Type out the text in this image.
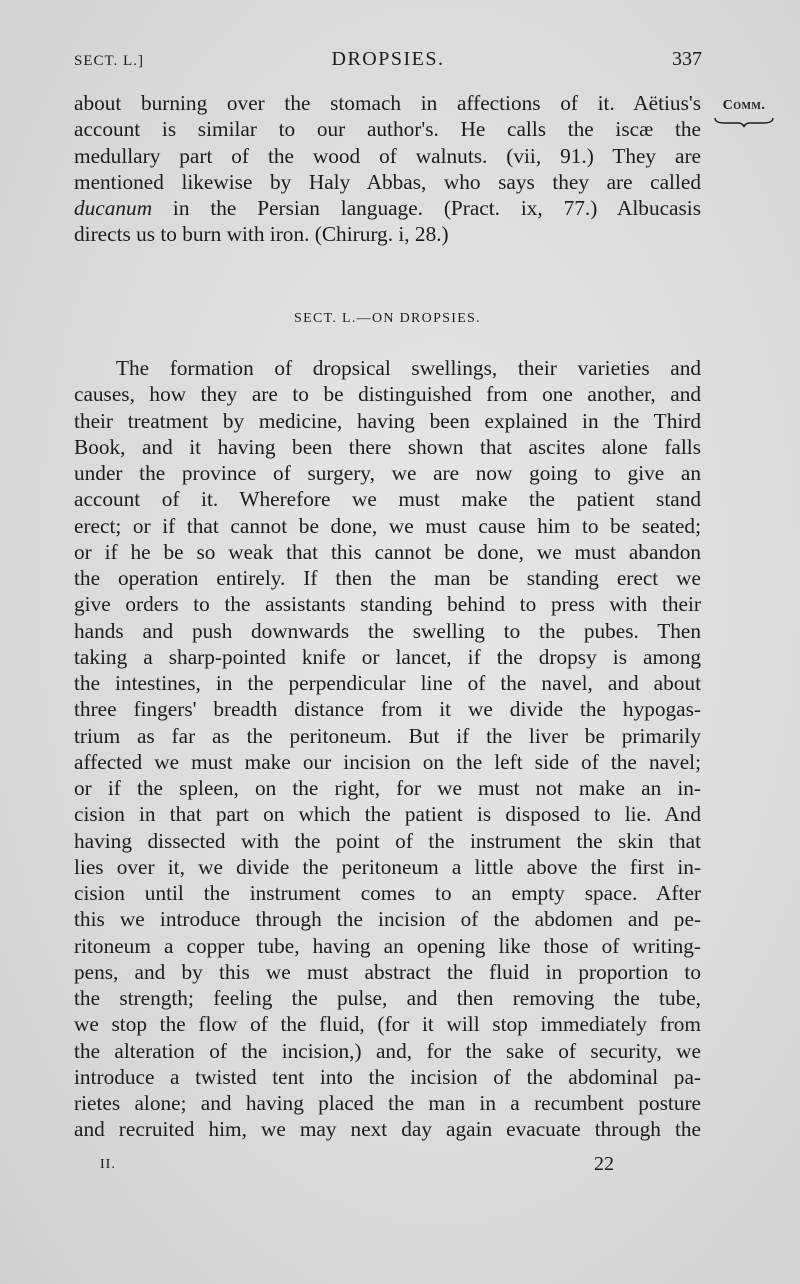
SECT. L.]	DROPSIES.	337
Comm.

about burning over the stomach in affections of it. Aëtius's

account is similar to our author's. He calls the iscæ the

medullary part of the wood of walnuts. (vii, 91.) They are

mentioned likewise by Haly Abbas, who says they are called

ducanum in the Persian language. (Pract. ix, 77.) Albucasis

directs us to burn with iron. (Chirurg. i, 28.)

SECT. L.—ON DROPSIES.

The formation of dropsical swellings, their varieties and

causes, how they are to be distinguished from one another, and

their treatment by medicine, having been explained in the Third

Book, and it having been there shown that ascites alone falls

under the province of surgery, we are now going to give an

account of it. Wherefore we must make the patient stand

erect; or if that cannot be done, we must cause him to be seated;

or if he be so weak that this cannot be done, we must abandon

the operation entirely. If then the man be standing erect we

give orders to the assistants standing behind to press with their

hands and push downwards the swelling to the pubes. Then

taking a sharp-pointed knife or lancet, if the dropsy is among

the intestines, in the perpendicular line of the navel, and about

three fingers' breadth distance from it we divide the hypogas-

trium as far as the peritoneum. But if the liver be primarily

affected we must make our incision on the left side of the navel;

or if the spleen, on the right, for we must not make an in-

cision in that part on which the patient is disposed to lie. And

having dissected with the point of the instrument the skin that

lies over it, we divide the peritoneum a little above the first in-

cision until the instrument comes to an empty space. After

this we introduce through the incision of the abdomen and pe-

ritoneum a copper tube, having an opening like those of writing-

pens, and by this we must abstract the fluid in proportion to

the strength; feeling the pulse, and then removing the tube,

we stop the flow of the fluid, (for it will stop immediately from

the alteration of the incision,) and, for the sake of security, we

introduce a twisted tent into the incision of the abdominal pa-

rietes alone; and having placed the man in a recumbent posture

and recruited him, we may next day again evacuate through the

II.	22
